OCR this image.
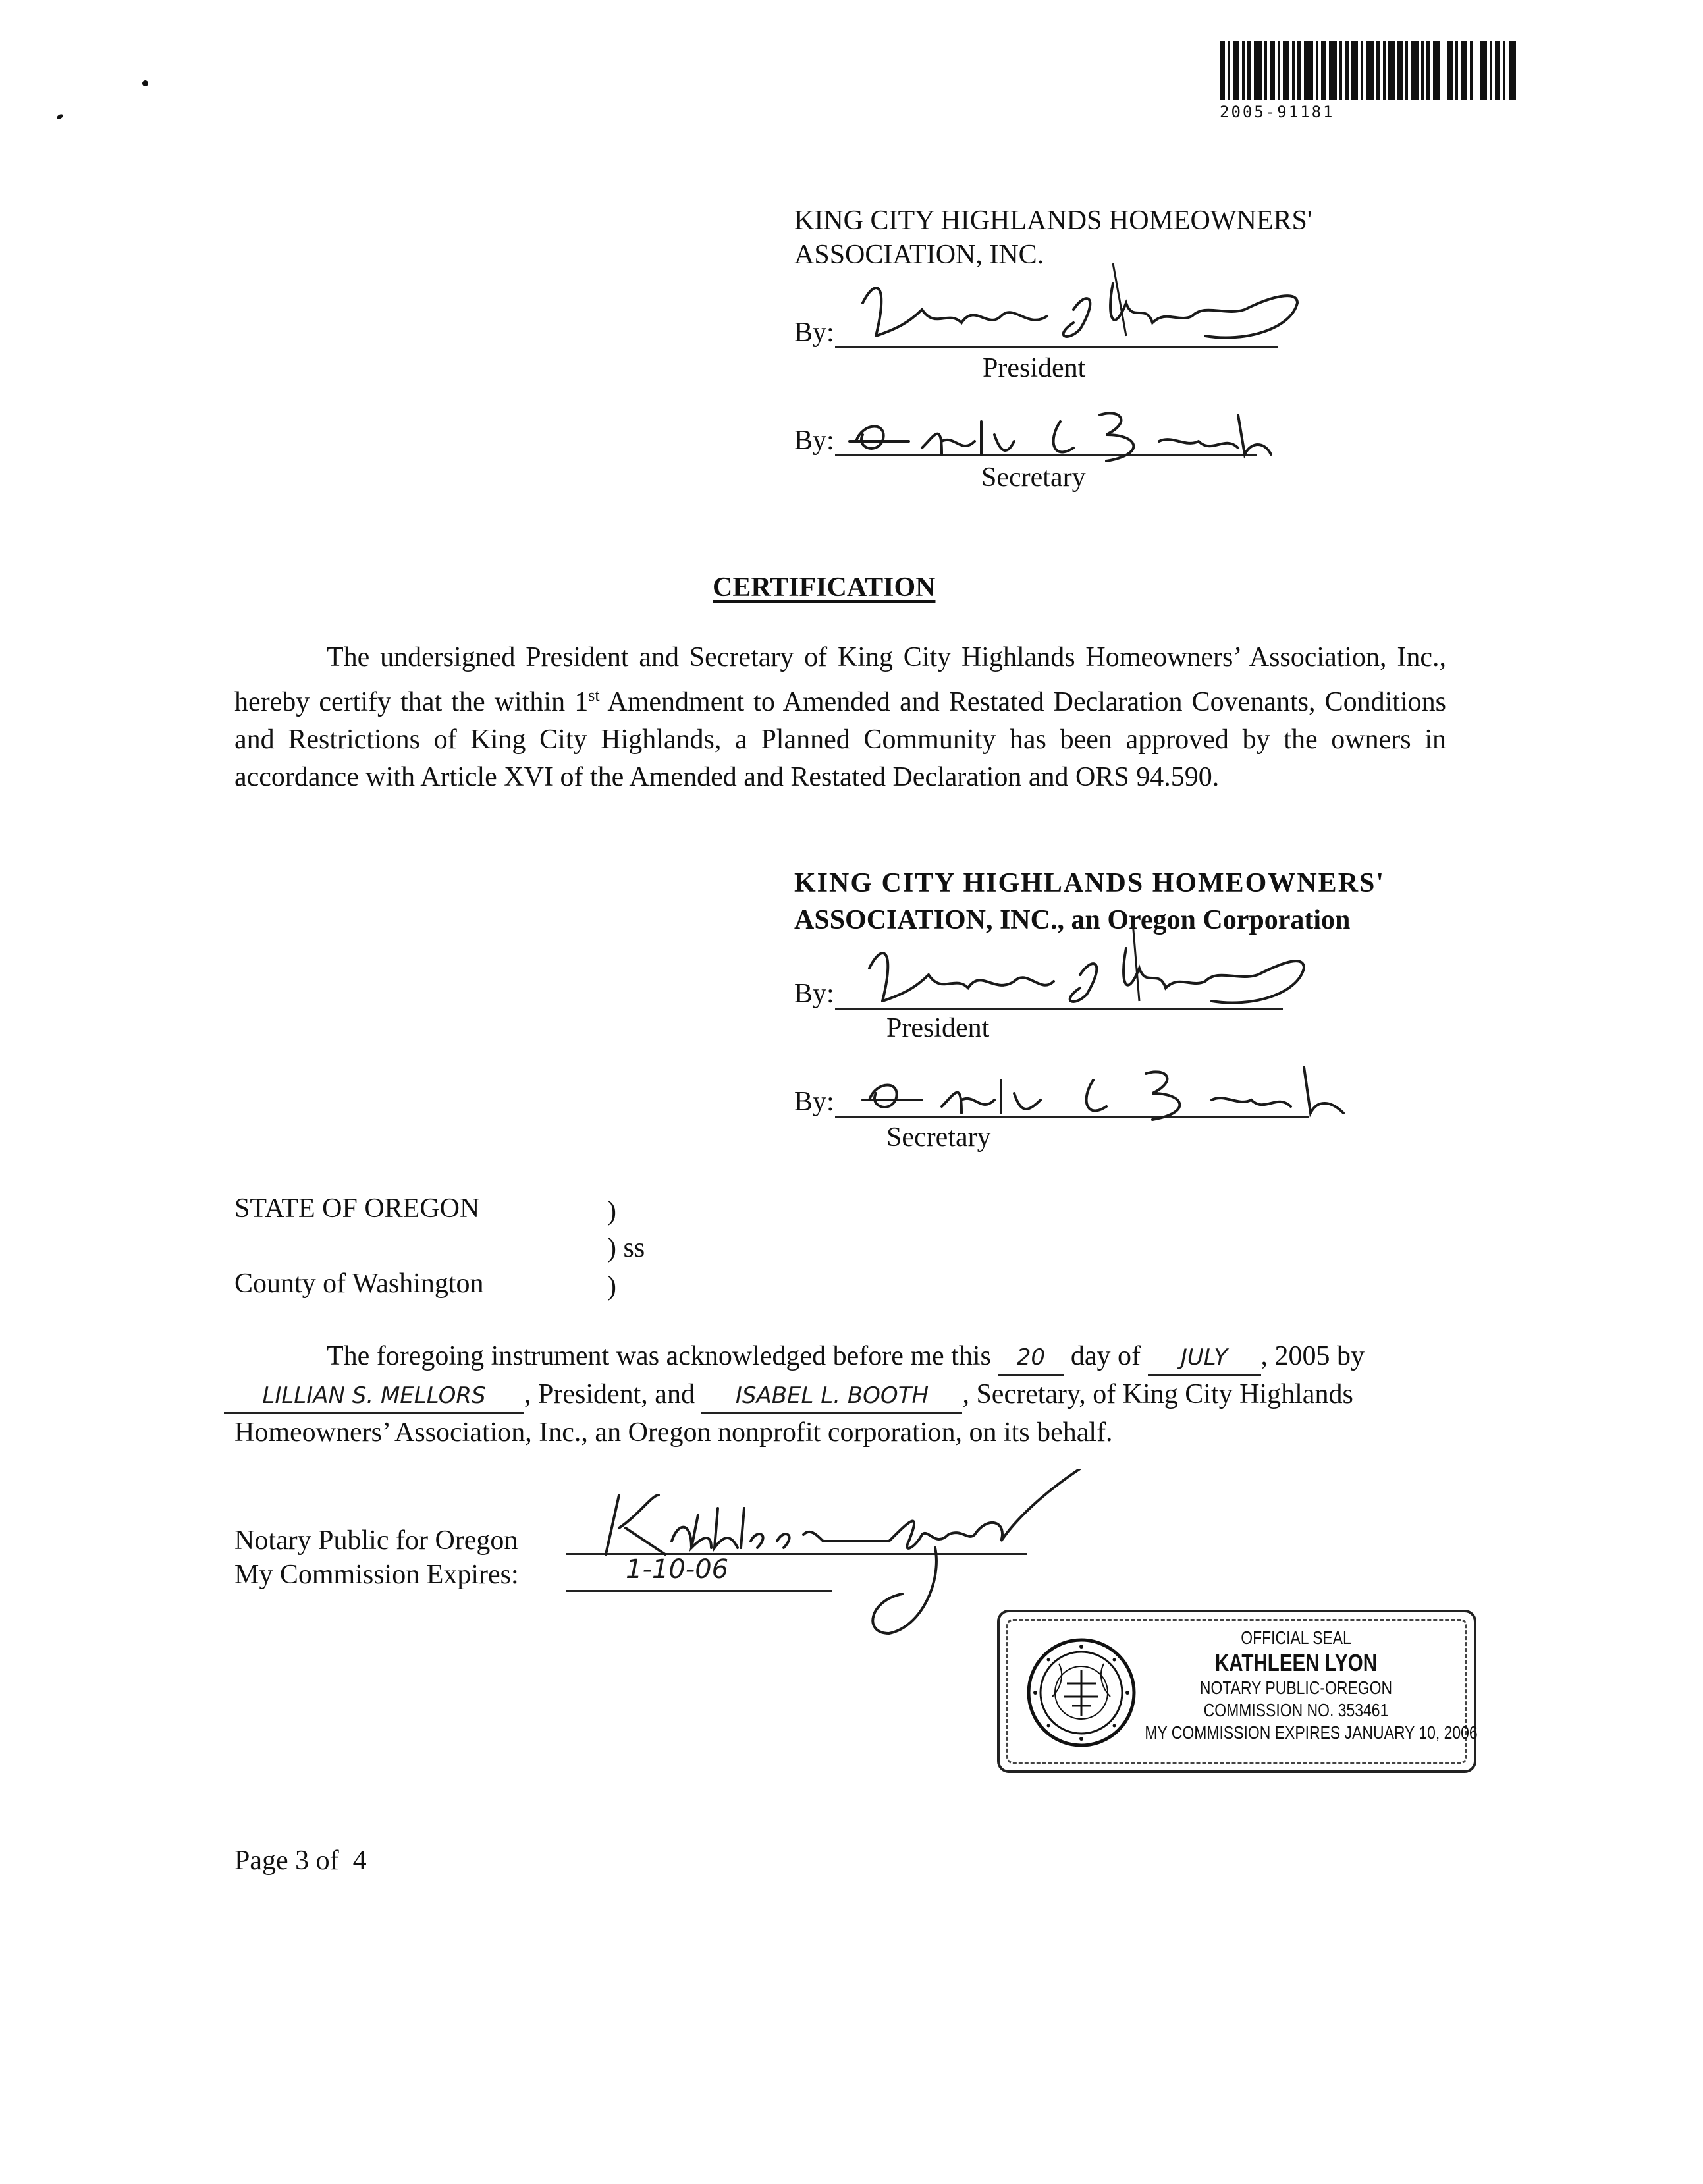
2005-91181
KING CITY HIGHLANDS HOMEOWNERS'
ASSOCIATION, INC.
By:
President
By:
Secretary
CERTIFICATION

The undersigned President and Secretary of King City Highlands Homeowners’ Association, Inc., hereby certify that the within 1st Amendment to Amended and Restated Declaration Covenants, Conditions and Restrictions of King City Highlands, a Planned Community has been approved by the owners in accordance with Article XVI of the Amended and Restated Declaration and ORS 94.590.

KING CITY HIGHLANDS HOMEOWNERS'
ASSOCIATION, INC., an Oregon Corporation
By:
President
By:
Secretary
STATE OF OREGON	)
) ss
County of Washington	)
The foregoing instrument was acknowledged before me this 20 day of JULY , 2005 by
LILLIAN S. MELLORS , President, and ISABEL L. BOOTH , Secretary, of King City Highlands
Homeowners’ Association, Inc., an Oregon nonprofit corporation, on its behalf.
Notary Public for Oregon
My Commission Expires:	1-10-06
OFFICIAL SEAL
KATHLEEN LYON
NOTARY PUBLIC-OREGON
COMMISSION NO. 353461
MY COMMISSION EXPIRES JANUARY 10, 2006
Page 3 of  4
